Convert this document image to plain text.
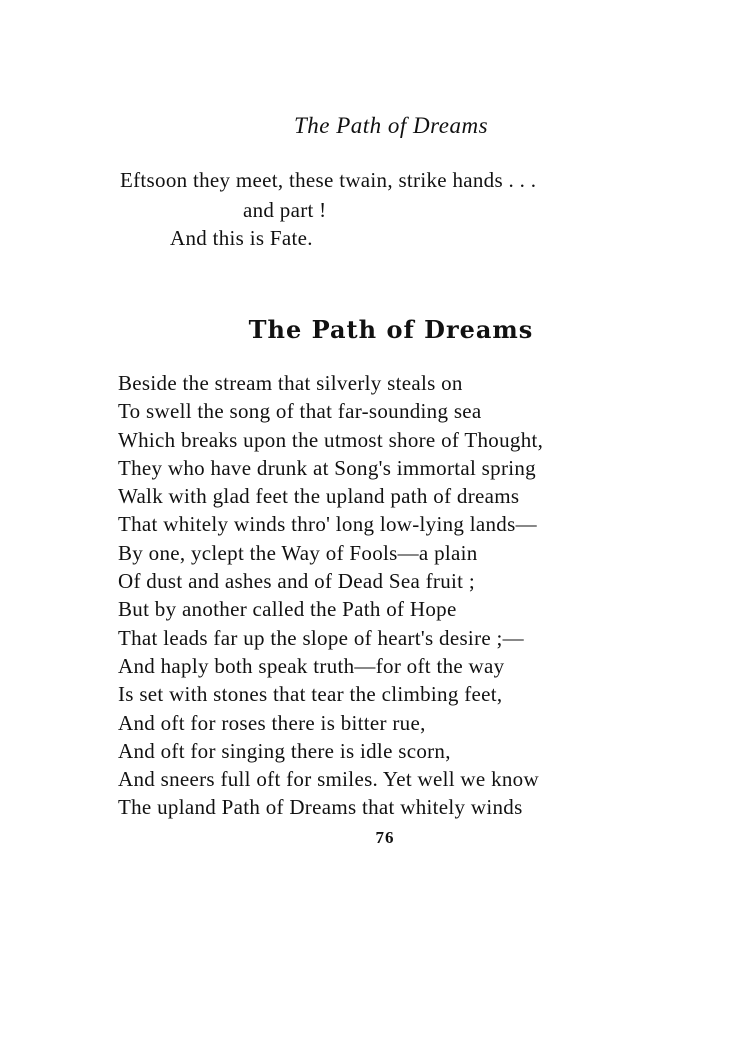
The Path of Dreams
Eftsoon they meet, these twain, strike hands . . .
and part !
And this is Fate.
The Path of Dreams
Beside the stream that silverly steals on
To swell the song of that far-sounding sea
Which breaks upon the utmost shore of Thought,
They who have drunk at Song's immortal spring
Walk with glad feet the upland path of dreams
That whitely winds thro' long low-lying lands—
By one, yclept the Way of Fools—a plain
Of dust and ashes and of Dead Sea fruit ;
But by another called the Path of Hope
That leads far up the slope of heart's desire ;—
And haply both speak truth—for oft the way
Is set with stones that tear the climbing feet,
And oft for roses there is bitter rue,
And oft for singing there is idle scorn,
And sneers full oft for smiles. Yet well we know
The upland Path of Dreams that whitely winds
76
